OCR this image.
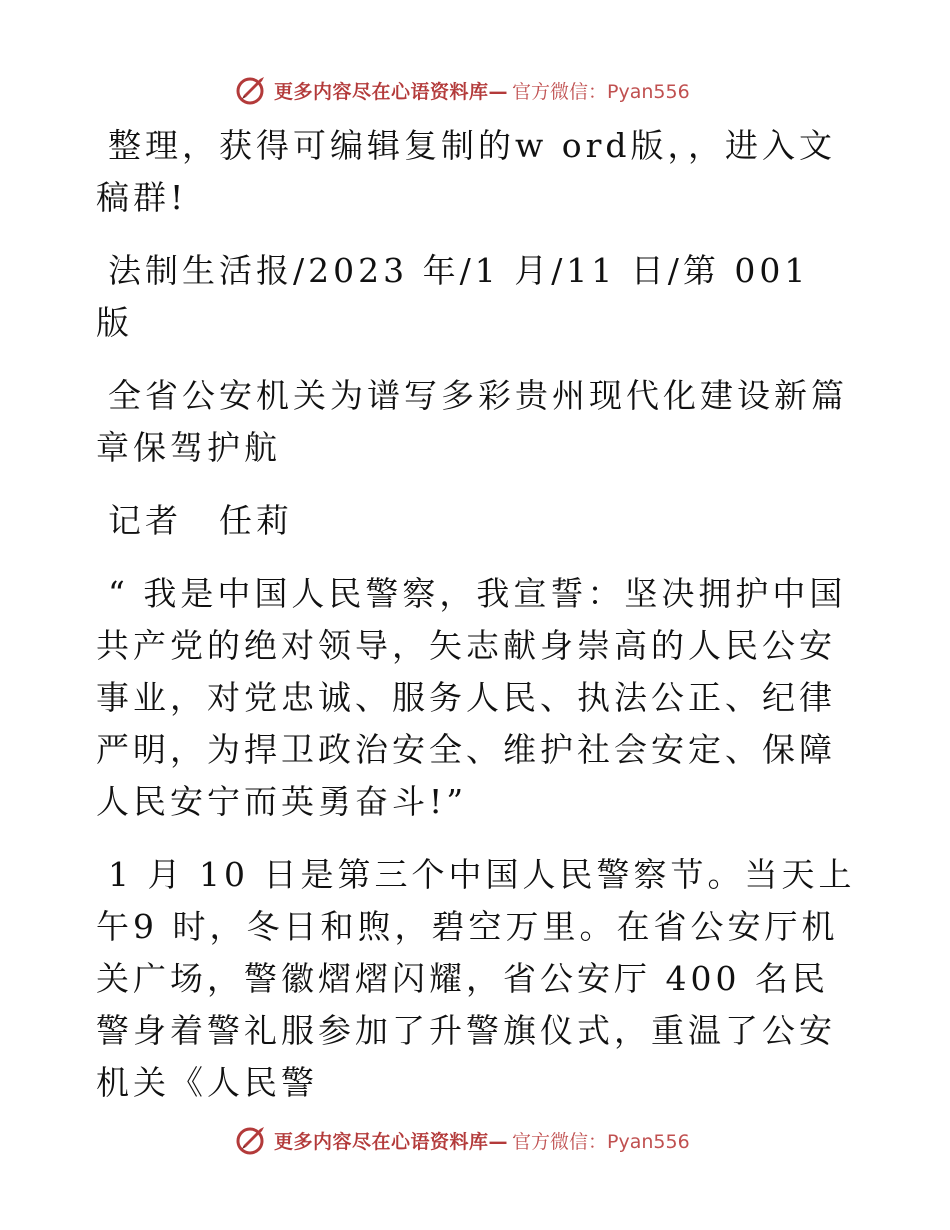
更多内容尽在心语资料库— 官方微信：Pyan556

整理，获得可编辑复制的w ord版，，进入文稿群!

法制生活报/2023 年/1 月/11 日/第 001 版

全省公安机关为谱写多彩贵州现代化建设新篇章保驾护航

记者　任莉

“ 我是中国人民警察，我宣誓：坚决拥护中国共产党的绝对领导，矢志献身崇高的人民公安事业，对党忠诚、服务人民、执法公正、纪律严明，为捍卫政治安全、维护社会安定、保障人民安宁而英勇奋斗!”

1 月 10 日是第三个中国人民警察节。当天上午9 时，冬日和煦，碧空万里。在省公安厅机关广场，警徽熠熠闪耀，省公安厅 400 名民警身着警礼服参加了升警旗仪式，重温了公安机关《人民警

更多内容尽在心语资料库— 官方微信：Pyan556
